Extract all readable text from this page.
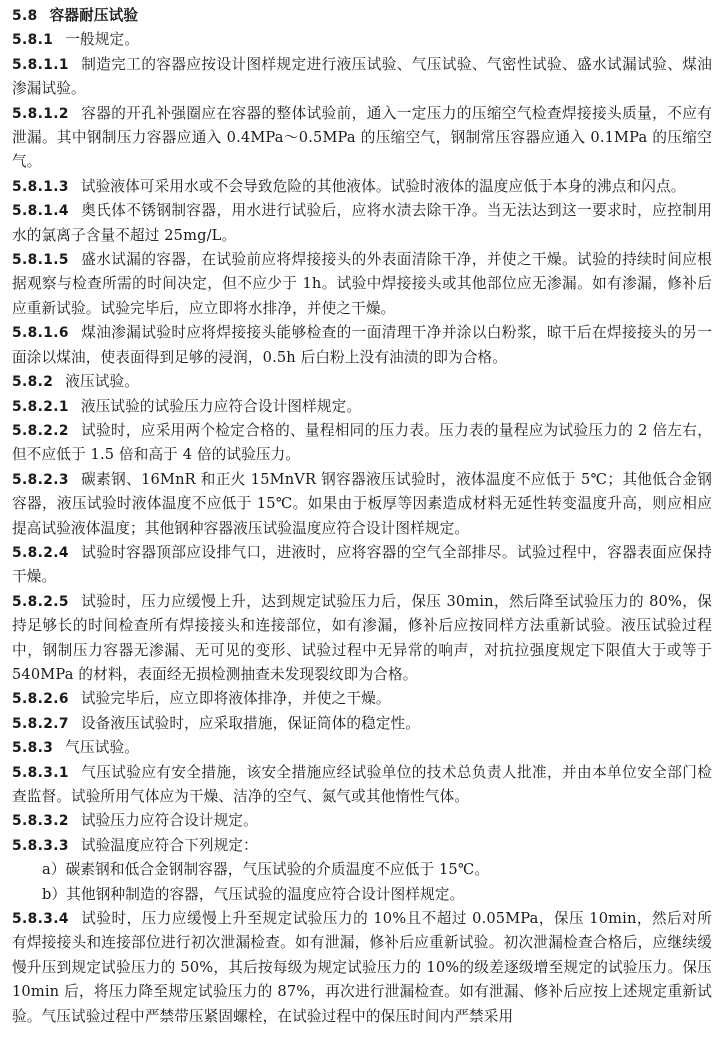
5.8 容器耐压试验

5.8.1 一般规定。

5.8.1.1 制造完工的容器应按设计图样规定进行液压试验、气压试验、气密性试验、盛水试漏试验、煤油渗漏试验。

5.8.1.2 容器的开孔补强圈应在容器的整体试验前，通入一定压力的压缩空气检查焊接接头质量，不应有泄漏。其中钢制压力容器应通入 0.4MPa～0.5MPa 的压缩空气，钢制常压容器应通入 0.1MPa 的压缩空气。

5.8.1.3 试验液体可采用水或不会导致危险的其他液体。试验时液体的温度应低于本身的沸点和闪点。

5.8.1.4 奥氏体不锈钢制容器，用水进行试验后，应将水渍去除干净。当无法达到这一要求时，应控制用水的氯离子含量不超过 25mg/L。

5.8.1.5 盛水试漏的容器，在试验前应将焊接接头的外表面清除干净，并使之干燥。试验的持续时间应根据观察与检查所需的时间决定，但不应少于 1h。试验中焊接接头或其他部位应无渗漏。如有渗漏，修补后应重新试验。试验完毕后，应立即将水排净，并使之干燥。

5.8.1.6 煤油渗漏试验时应将焊接接头能够检查的一面清理干净并涂以白粉浆，晾干后在焊接接头的另一面涂以煤油，使表面得到足够的浸润，0.5h 后白粉上没有油渍的即为合格。

5.8.2 液压试验。

5.8.2.1 液压试验的试验压力应符合设计图样规定。

5.8.2.2 试验时，应采用两个检定合格的、量程相同的压力表。压力表的量程应为试验压力的 2 倍左右，但不应低于 1.5 倍和高于 4 倍的试验压力。

5.8.2.3 碳素钢、16MnR 和正火 15MnVR 钢容器液压试验时，液体温度不应低于 5℃；其他低合金钢容器，液压试验时液体温度不应低于 15℃。如果由于板厚等因素造成材料无延性转变温度升高，则应相应提高试验液体温度；其他钢种容器液压试验温度应符合设计图样规定。

5.8.2.4 试验时容器顶部应设排气口，进液时，应将容器的空气全部排尽。试验过程中，容器表面应保持干燥。

5.8.2.5 试验时，压力应缓慢上升，达到规定试验压力后，保压 30min，然后降至试验压力的 80%，保持足够长的时间检查所有焊接接头和连接部位，如有渗漏，修补后应按同样方法重新试验。液压试验过程中，钢制压力容器无渗漏、无可见的变形、试验过程中无异常的响声，对抗拉强度规定下限值大于或等于 540MPa 的材料，表面经无损检测抽查未发现裂纹即为合格。

5.8.2.6 试验完毕后，应立即将液体排净，并使之干燥。

5.8.2.7 设备液压试验时，应采取措施，保证筒体的稳定性。

5.8.3 气压试验。

5.8.3.1 气压试验应有安全措施，该安全措施应经试验单位的技术总负责人批准，并由本单位安全部门检查监督。试验所用气体应为干燥、洁净的空气、氮气或其他惰性气体。

5.8.3.2 试验压力应符合设计规定。

5.8.3.3 试验温度应符合下列规定：

a）碳素钢和低合金钢制容器，气压试验的介质温度不应低于 15℃。

b）其他钢种制造的容器，气压试验的温度应符合设计图样规定。

5.8.3.4 试验时，压力应缓慢上升至规定试验压力的 10%且不超过 0.05MPa，保压 10min，然后对所有焊接接头和连接部位进行初次泄漏检查。如有泄漏，修补后应重新试验。初次泄漏检查合格后，应继续缓慢升压到规定试验压力的 50%，其后按每级为规定试验压力的 10%的级差逐级增至规定的试验压力。保压 10min 后，将压力降至规定试验压力的 87%，再次进行泄漏检查。如有泄漏、修补后应按上述规定重新试验。气压试验过程中严禁带压紧固螺栓，在试验过程中的保压时间内严禁采用
